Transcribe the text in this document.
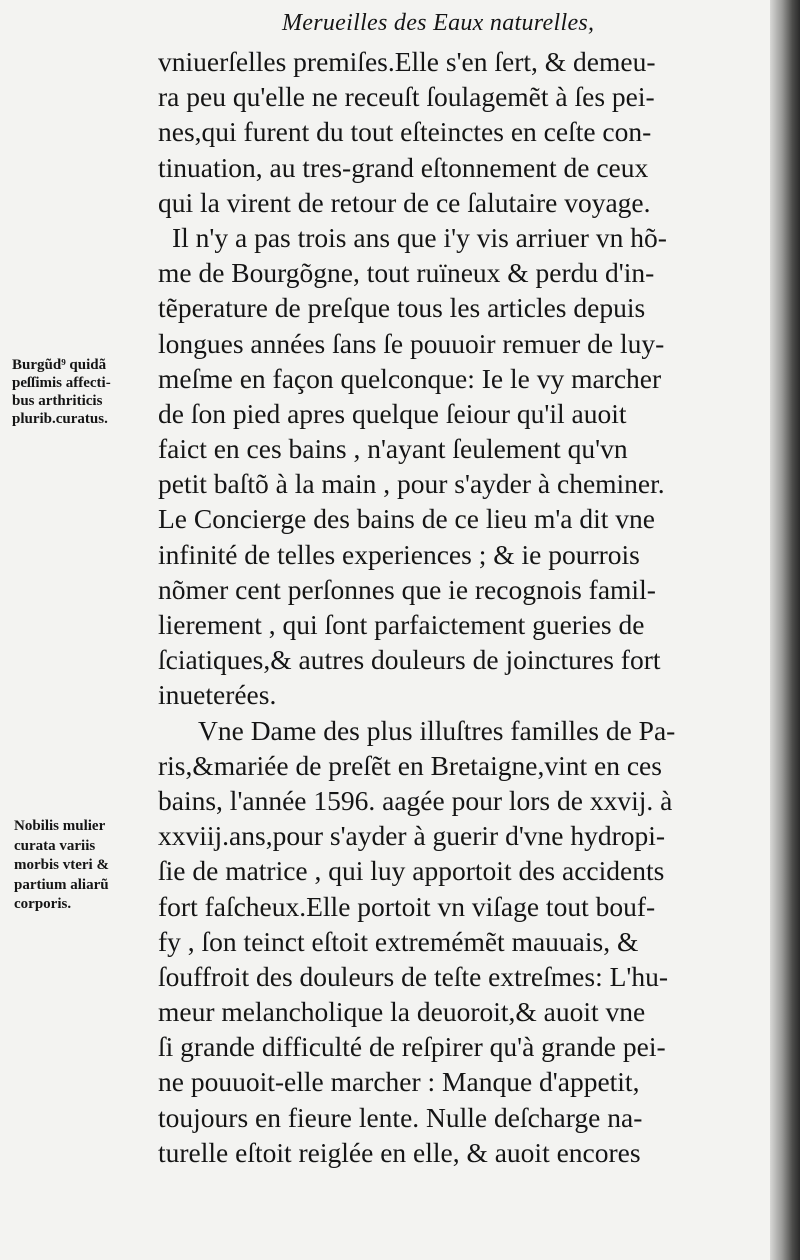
Merueilles des Eaux naturelles,
vniuerſelles premiſes.Elle s'en ſert, & demeu-
ra peu qu'elle ne receuſt ſoulagemẽt à ſes pei-
nes,qui furent du tout eſteinctes en ceſte con-
tinuation, au tres-grand eſtonnement de ceux
qui la virent de retour de ce ſalutaire voyage.
Il n'y a pas trois ans que i'y vis arriuer vn hõ-
me de Bourgõgne, tout ruïneux & perdu d'in-
tẽperature de preſque tous les articles depuis
longues années ſans ſe pouuoir remuer de luy-
meſme en façon quelconque: Ie le vy marcher
de ſon pied apres quelque ſeiour qu'il auoit
faict en ces bains , n'ayant ſeulement qu'vn
petit baſtõ à la main , pour s'ayder à cheminer.
Le Concierge des bains de ce lieu m'a dit vne
infinité de telles experiences ; & ie pourrois
nõmer cent perſonnes que ie recognois famil-
lierement , qui ſont parfaictement gueries de
ſciatiques,& autres douleurs de joinctures fort
inueterées.
Vne Dame des plus illuſtres familles de Pa-
ris,&mariée de preſẽt en Bretaigne,vint en ces
bains, l'année 1596. aagée pour lors de xxvij. à
xxviij.ans,pour s'ayder à guerir d'vne hydropi-
ſie de matrice , qui luy apportoit des accidents
fort faſcheux.Elle portoit vn viſage tout bouf-
fy , ſon teinct eſtoit extremémẽt mauuais, &
ſouffroit des douleurs de teſte extreſmes: L'hu-
meur melancholique la deuoroit,& auoit vne
ſi grande difficulté de reſpirer qu'à grande pei-
ne pouuoit-elle marcher : Manque d'appetit,
toujours en fieure lente. Nulle deſcharge na-
turelle eſtoit reiglée en elle, & auoit encores
Burgũd⁹ quidã
peſſimis affecti-
bus arthriticis
plurib.curatus.
Nobilis mulier
curata variis
morbis vteri &
partium aliarũ
corporis.
